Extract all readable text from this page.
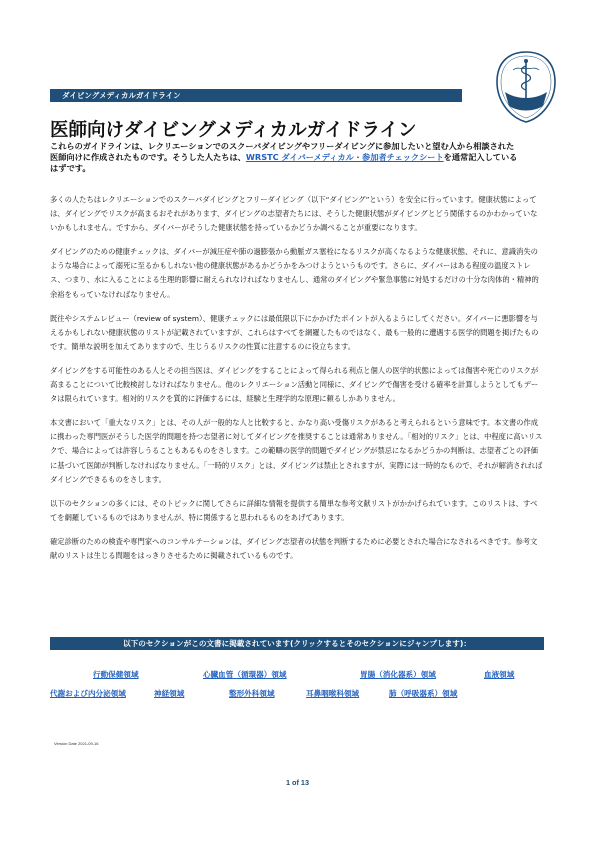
ダイビングメディカルガイドライン
医師向けダイビングメディカルガイドライン
これらのガイドラインは、レクリエーションでのスクーバダイビングやフリーダイビングに参加したいと望む人から相談された医師向けに作成されたものです。そうした人たちは、WRSTC ダイバーメディカル・参加者チェックシートを通常記入しているはずです。

多くの人たちはレクリエーションでのスクーバダイビングとフリーダイビング（以下“ダイビング”という）を安全に行っています。健康状態によっては、ダイビングでリスクが高まるおそれがあります、ダイビングの志望者たちには、そうした健康状態がダイビングとどう関係するのかわかっていないかもしれません。ですから、ダイバーがそうした健康状態を持っているかどうか調べることが重要になります。

ダイビングのための健康チェックは、ダイバーが減圧症や肺の過膨張から動脈ガス塞栓になるリスクが高くなるような健康状態、それに、意識消失のような場合によって溺死に至るかもしれない他の健康状態があるかどうかをみつけようというものです。さらに、ダイバーはある程度の温度ストレス、つまり、水に入ることによる生理的影響に耐えられなければなりませんし、通常のダイビングや緊急事態に対処するだけの十分な肉体的・精神的余裕をもっていなければなりません。

既往やシステムレビュー（review of system）、健康チェックには最低限以下にかかげたポイントが入るようにしてください。ダイバーに悪影響を与えるかもしれない健康状態のリストが記載されていますが、これらはすべてを網羅したものではなく、最も一般的に遭遇する医学的問題を掲げたものです。簡単な説明を加えてありますので、生じうるリスクの性質に注意するのに役立ちます。

ダイビングをする可能性のある人とその担当医は、ダイビングをすることによって得られる利点と個人の医学的状態によっては傷害や死亡のリスクが高まることについて比較検討しなければなりません。他のレクリエーション活動と同様に、ダイビングで傷害を受ける確率を計算しようとしてもデータは限られています。相対的リスクを質的に評価するには、経験と生理学的な原理に頼るしかありません。

本文書において「重大なリスク」とは、その人が一般的な人と比較すると、かなり高い受傷リスクがあると考えられるという意味です。本文書の作成に携わった専門医がそうした医学的問題を持つ志望者に対してダイビングを推奨することは通常ありません。「相対的リスク」とは、中程度に高いリスクで、場合によっては許容しうることもあるものをさします。この範疇の医学的問題でダイビングが禁忌になるかどうかの判断は、志望者ごとの評価に基づいて医師が判断しなければなりません。「一時的リスク」とは、ダイビングは禁止とされますが、実際には一時的なもので、それが解消されればダイビングできるものをさします。

以下のセクションの多くには、そのトピックに関してさらに詳細な情報を提供する簡単な参考文献リストがかかげられています。このリストは、すべてを網羅しているものではありませんが、特に関係すると思われるものをあげてあります。

確定診断のための検査や専門家へのコンサルテーションは、ダイビング志望者の状態を判断するために必要とされた場合になされるべきです。参考文献のリストは生じる問題をはっきりさせるために掲載されているものです。

以下のセクションがこの文書に掲載されています(クリックするとそのセクションにジャンプします)：
行動保健領域	心臓血管（循環器）領域	胃腸（消化器系）領域	血液領域
代謝および内分泌領域	神経領域	整形外科領域	耳鼻咽喉科領域	肺（呼吸器系）領域
Version Date 2021-09-16
1 of 13
